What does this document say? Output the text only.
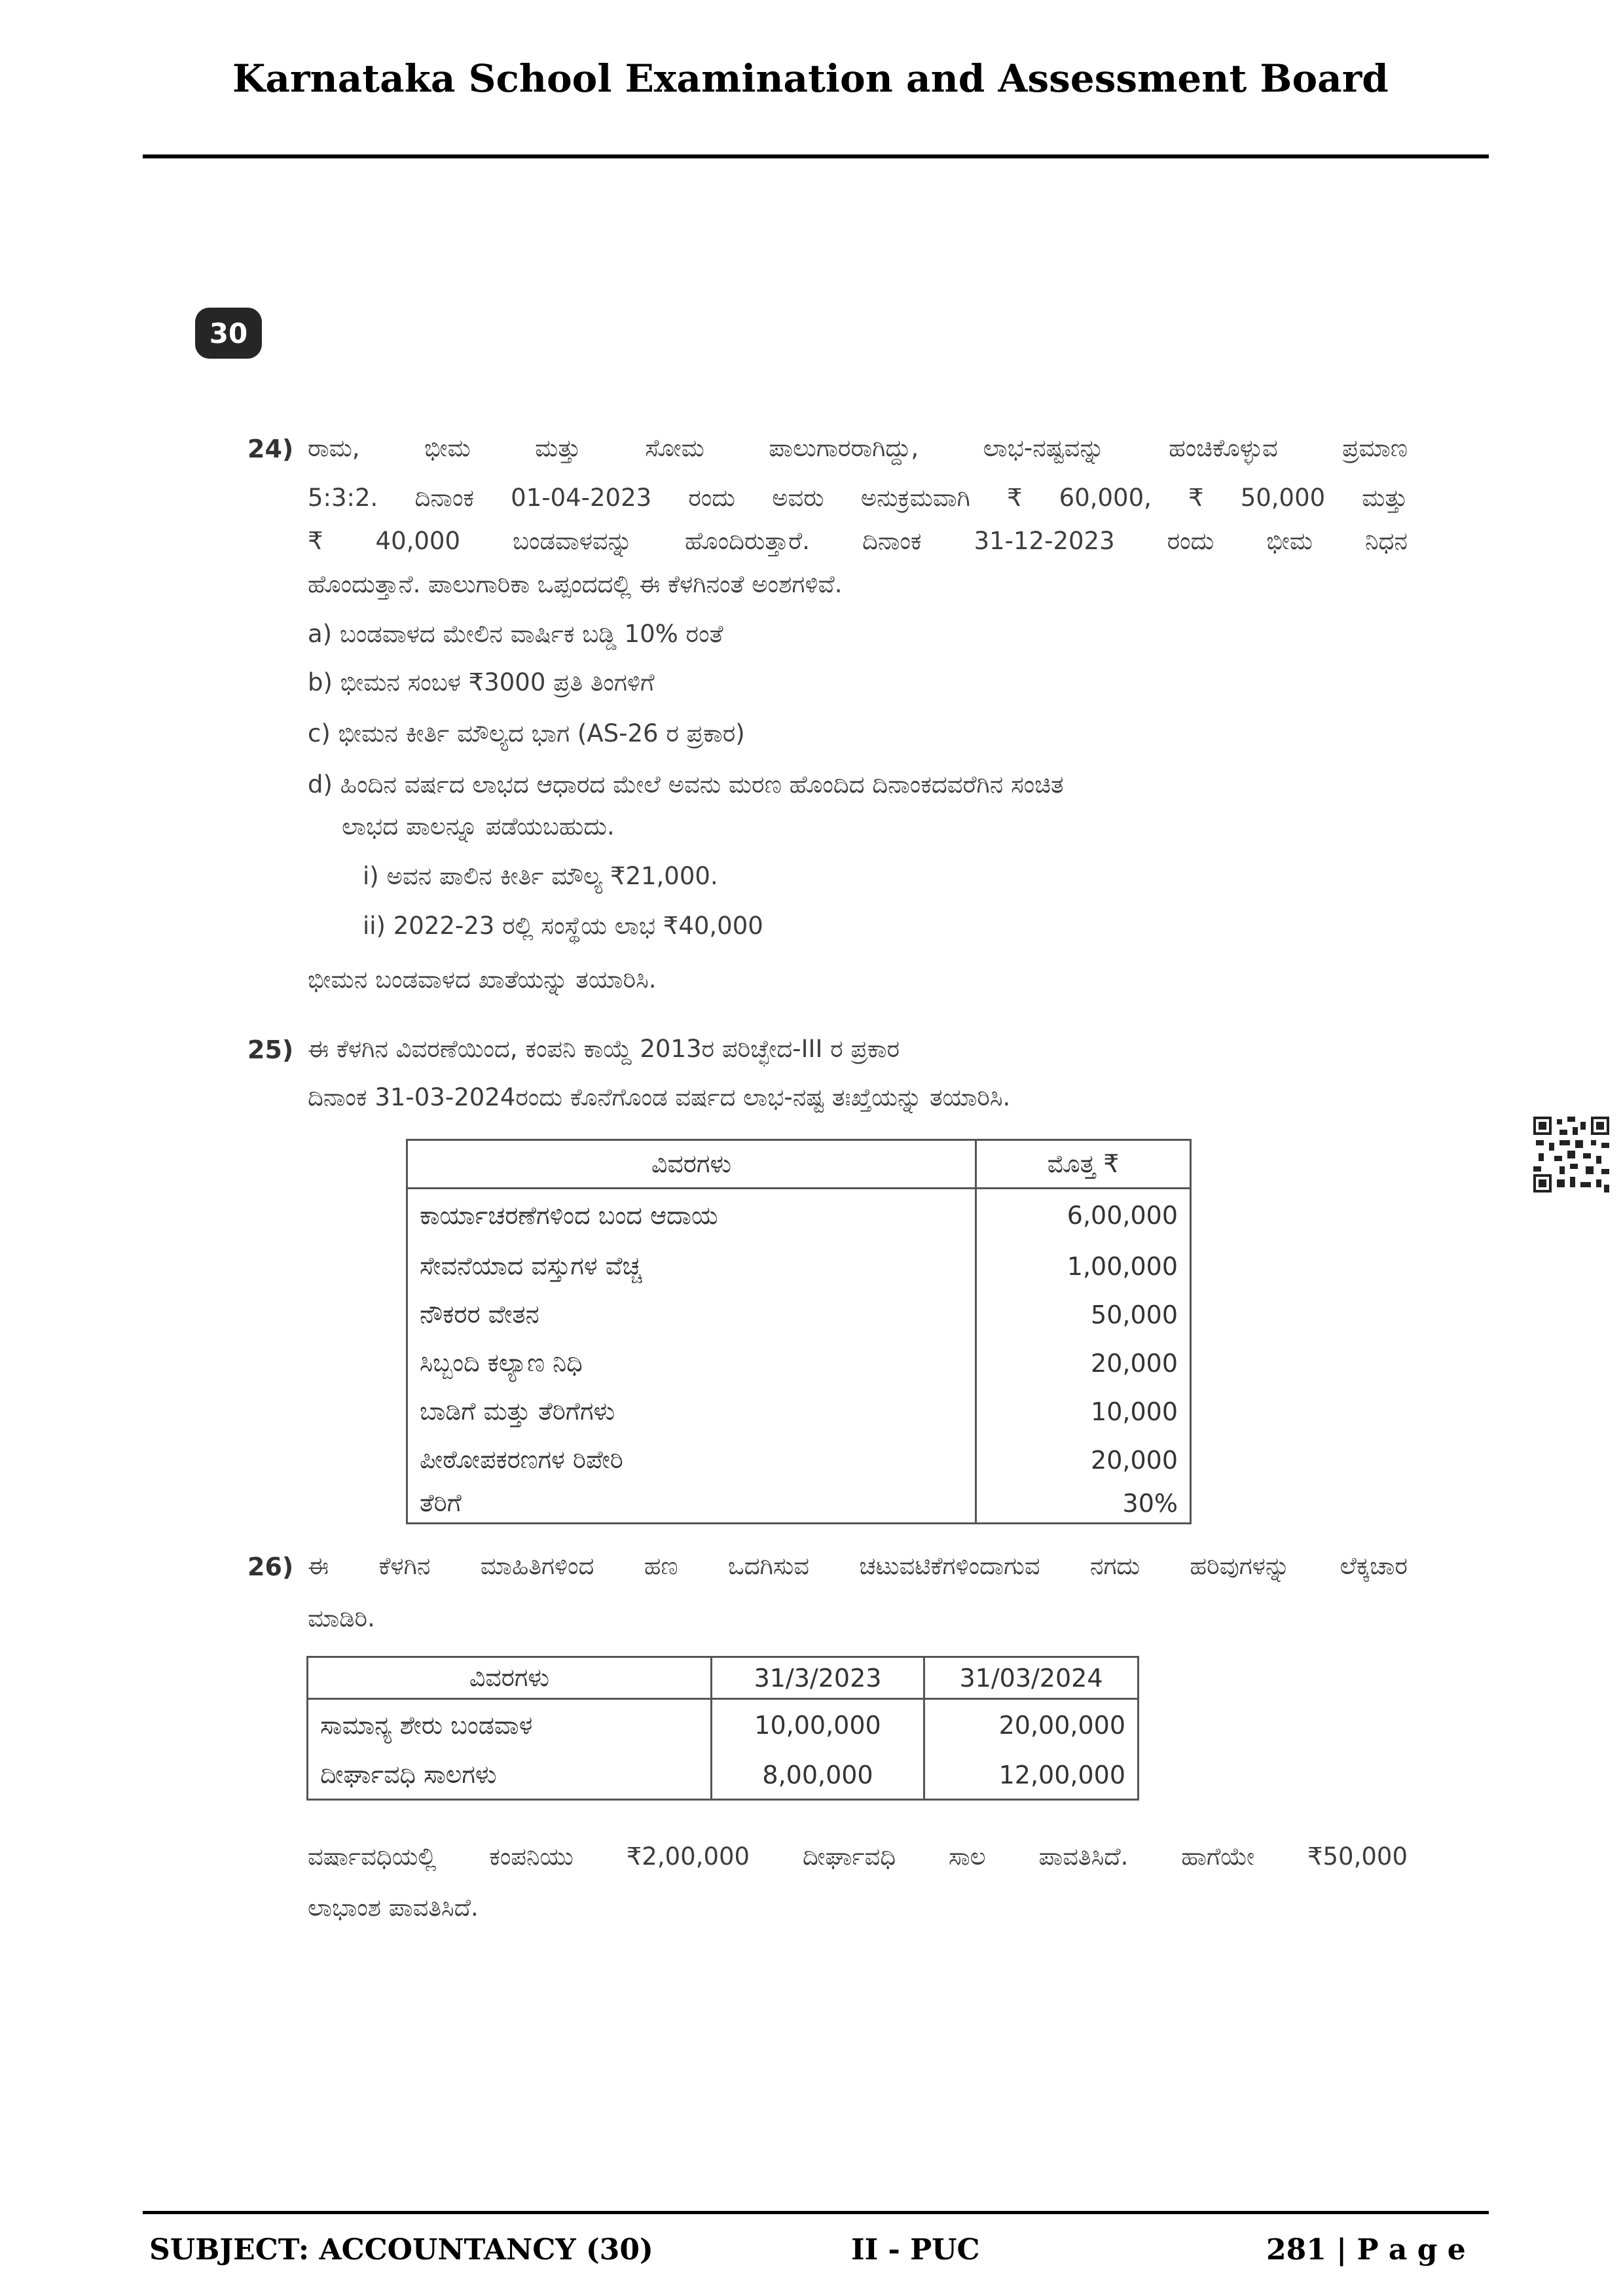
Karnataka School Examination and Assessment Board
30
24) ರಾಮ, ಭೀಮ ಮತ್ತು ಸೋಮ ಪಾಲುಗಾರರಾಗಿದ್ದು, ಲಾಭ-ನಷ್ಟವನ್ನು ಹಂಚಿಕೊಳ್ಳುವ ಪ್ರಮಾಣ
5:3:2. ದಿನಾಂಕ 01-04-2023 ರಂದು ಅವರು ಅನುಕ್ರಮವಾಗಿ ₹ 60,000, ₹ 50,000 ಮತ್ತು
₹ 40,000 ಬಂಡವಾಳವನ್ನು ಹೊಂದಿರುತ್ತಾರೆ. ದಿನಾಂಕ 31-12-2023 ರಂದು ಭೀಮ ನಿಧನ
ಹೊಂದುತ್ತಾನೆ. ಪಾಲುಗಾರಿಕಾ ಒಪ್ಪಂದದಲ್ಲಿ ಈ ಕೆಳಗಿನಂತೆ ಅಂಶಗಳಿವೆ.
a) ಬಂಡವಾಳದ ಮೇಲಿನ ವಾರ್ಷಿಕ ಬಡ್ಡಿ 10% ರಂತೆ
b) ಭೀಮನ ಸಂಬಳ ₹3000 ಪ್ರತಿ ತಿಂಗಳಿಗೆ
c) ಭೀಮನ ಕೀರ್ತಿ ಮೌಲ್ಯದ ಭಾಗ (AS-26 ರ ಪ್ರಕಾರ)
d) ಹಿಂದಿನ ವರ್ಷದ ಲಾಭದ ಆಧಾರದ ಮೇಲೆ ಅವನು ಮರಣ ಹೊಂದಿದ ದಿನಾಂಕದವರೆಗಿನ ಸಂಚಿತ
ಲಾಭದ ಪಾಲನ್ನೂ ಪಡೆಯಬಹುದು.
i) ಅವನ ಪಾಲಿನ ಕೀರ್ತಿ ಮೌಲ್ಯ ₹21,000.
ii) 2022-23 ರಲ್ಲಿ ಸಂಸ್ಥೆಯ ಲಾಭ ₹40,000
ಭೀಮನ ಬಂಡವಾಳದ ಖಾತೆಯನ್ನು ತಯಾರಿಸಿ.
25) ಈ ಕೆಳಗಿನ ವಿವರಣೆಯಿಂದ, ಕಂಪನಿ ಕಾಯ್ದೆ 2013ರ ಪರಿಚ್ಛೇದ-III ರ ಪ್ರಕಾರ
ದಿನಾಂಕ 31-03-2024ರಂದು ಕೊನೆಗೊಂಡ ವರ್ಷದ ಲಾಭ-ನಷ್ಟ ತಃಖ್ತೆಯನ್ನು ತಯಾರಿಸಿ.
ವಿವರಗಳು	ಮೊತ್ತ ₹
ಕಾರ್ಯಾಚರಣೆಗಳಿಂದ ಬಂದ ಆದಾಯ	6,00,000
ಸೇವನೆಯಾದ ವಸ್ತುಗಳ ವೆಚ್ಚ	1,00,000
ನೌಕರರ ವೇತನ	50,000
ಸಿಬ್ಬಂದಿ ಕಲ್ಯಾಣ ನಿಧಿ	20,000
ಬಾಡಿಗೆ ಮತ್ತು ತೆರಿಗೆಗಳು	10,000
ಪೀಠೋಪಕರಣಗಳ ರಿಪೇರಿ	20,000
ತೆರಿಗೆ	30%
26) ಈ ಕೆಳಗಿನ ಮಾಹಿತಿಗಳಿಂದ ಹಣ ಒದಗಿಸುವ ಚಟುವಟಿಕೆಗಳಿಂದಾಗುವ ನಗದು ಹರಿವುಗಳನ್ನು ಲೆಕ್ಕಚಾರ
ಮಾಡಿರಿ.
ವಿವರಗಳು	31/3/2023	31/03/2024
ಸಾಮಾನ್ಯ ಶೇರು ಬಂಡವಾಳ	10,00,000	20,00,000
ದೀರ್ಘಾವಧಿ ಸಾಲಗಳು	8,00,000	12,00,000
ವರ್ಷಾವಧಿಯಲ್ಲಿ ಕಂಪನಿಯು ₹2,00,000 ದೀರ್ಘಾವಧಿ ಸಾಲ ಪಾವತಿಸಿದೆ. ಹಾಗೆಯೇ ₹50,000
ಲಾಭಾಂಶ ಪಾವತಿಸಿದೆ.
SUBJECT: ACCOUNTANCY (30)	II - PUC	281 | P a g e
